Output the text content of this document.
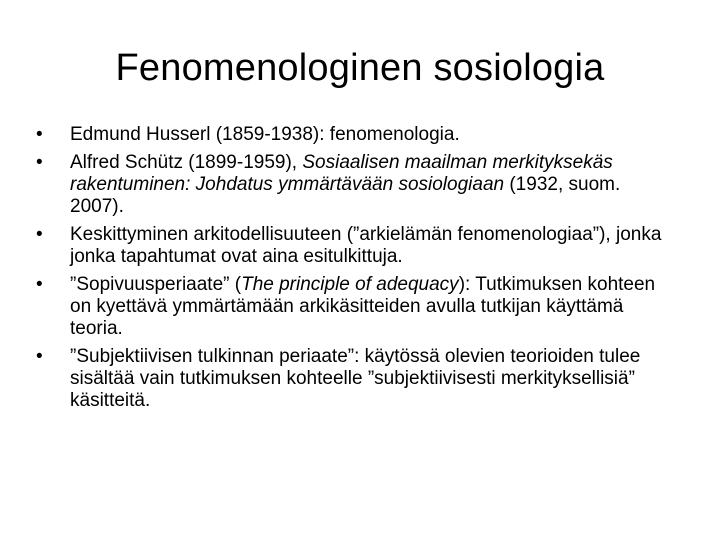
Fenomenologinen sosiologia
•	Edmund Husserl (1859-1938): fenomenologia.
•	Alfred Schütz (1899-1959), Sosiaalisen maailman merkityksekäs rakentuminen: Johdatus ymmärtävään sosiologiaan (1932, suom. 2007).
•	Keskittyminen arkitodellisuuteen (”arkielämän fenomenologiaa”), jonka jonka tapahtumat ovat aina esitulkittuja.
•	”Sopivuusperiaate” (The principle of adequacy): Tutkimuksen kohteen on kyettävä ymmärtämään arkikäsitteiden avulla tutkijan käyttämä teoria.
•	”Subjektiivisen tulkinnan periaate”: käytössä olevien teorioiden tulee sisältää vain tutkimuksen kohteelle ”subjektiivisesti merkityksellisiä” käsitteitä.
